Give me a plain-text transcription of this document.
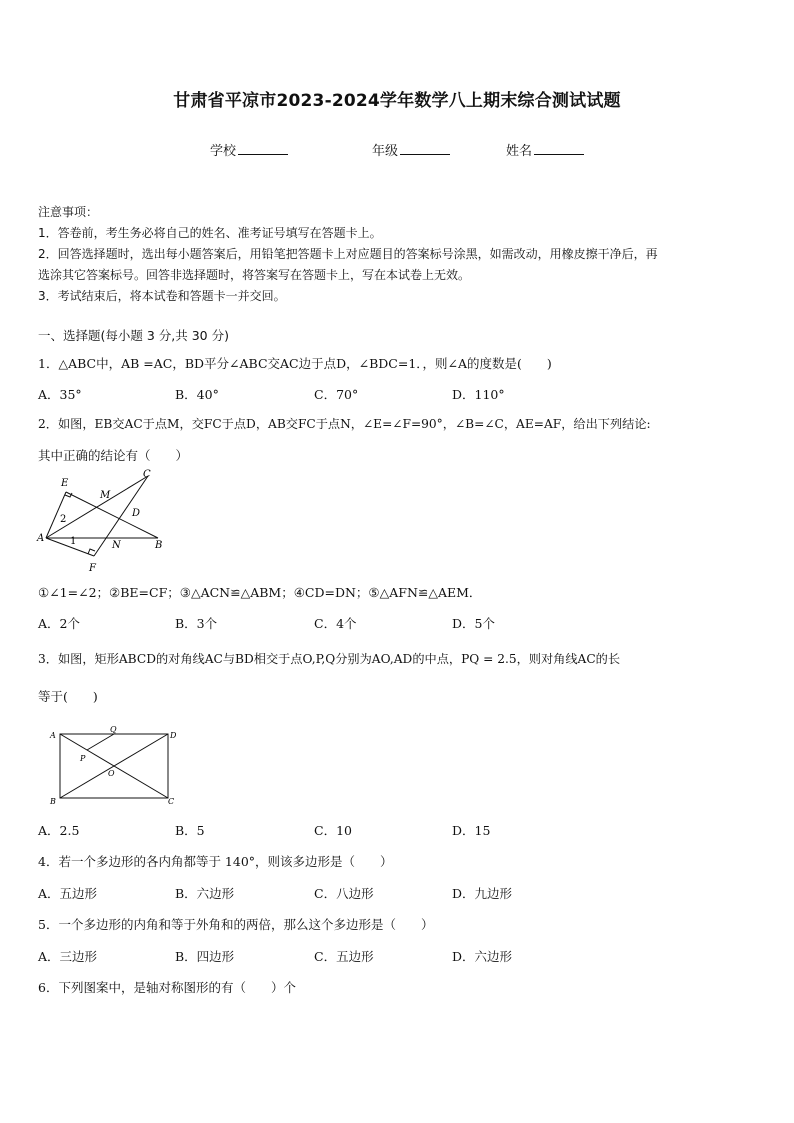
甘肃省平凉市2023-2024学年数学八上期末综合测试试题
学校	年级	姓名
注意事项：
1．答卷前，考生务必将自己的姓名、准考证号填写在答题卡上。
2．回答选择题时，选出每小题答案后，用铅笔把答题卡上对应题目的答案标号涂黑，如需改动，用橡皮擦干净后，再
选涂其它答案标号。回答非选择题时，将答案写在答题卡上，写在本试卷上无效。
3．考试结束后，将本试卷和答题卡一并交回。
一、选择题(每小题 3 分,共 30 分)
1．△ABC中，AB =AC，BD平分∠ABC交AC边于点D，∠BDC=1．，则∠A的度数是(　　)
A．35°	B．40°	C．70°	D．110°
2．如图，EB交AC于点M，交FC于点D，AB交FC于点N，∠E=∠F=90°，∠B=∠C，AE=AF，给出下列结论:
其中正确的结论有（　　）
E
M
C
D
A
N	B
F
1
2
①∠1=∠2；②BE=CF；③△ACN≌△ABM；④CD=DN；⑤△AFN≌△AEM．
A．2个	B．3个	C．4个	D．5个
3．如图，矩形ABCD的对角线AC与BD相交于点O,P,Q分别为AO,AD的中点，PQ = 2.5，则对角线AC的长
等于(　　)
A
Q
D
P
O
B	C
A．2.5	B．5	C．10	D．15
4．若一个多边形的各内角都等于 140°，则该多边形是（　　）
A．五边形	B．六边形	C．八边形	D．九边形
5．一个多边形的内角和等于外角和的两倍，那么这个多边形是（　　）
A．三边形	B．四边形	C．五边形	D．六边形
6．下列图案中，是轴对称图形的有（　　）个
